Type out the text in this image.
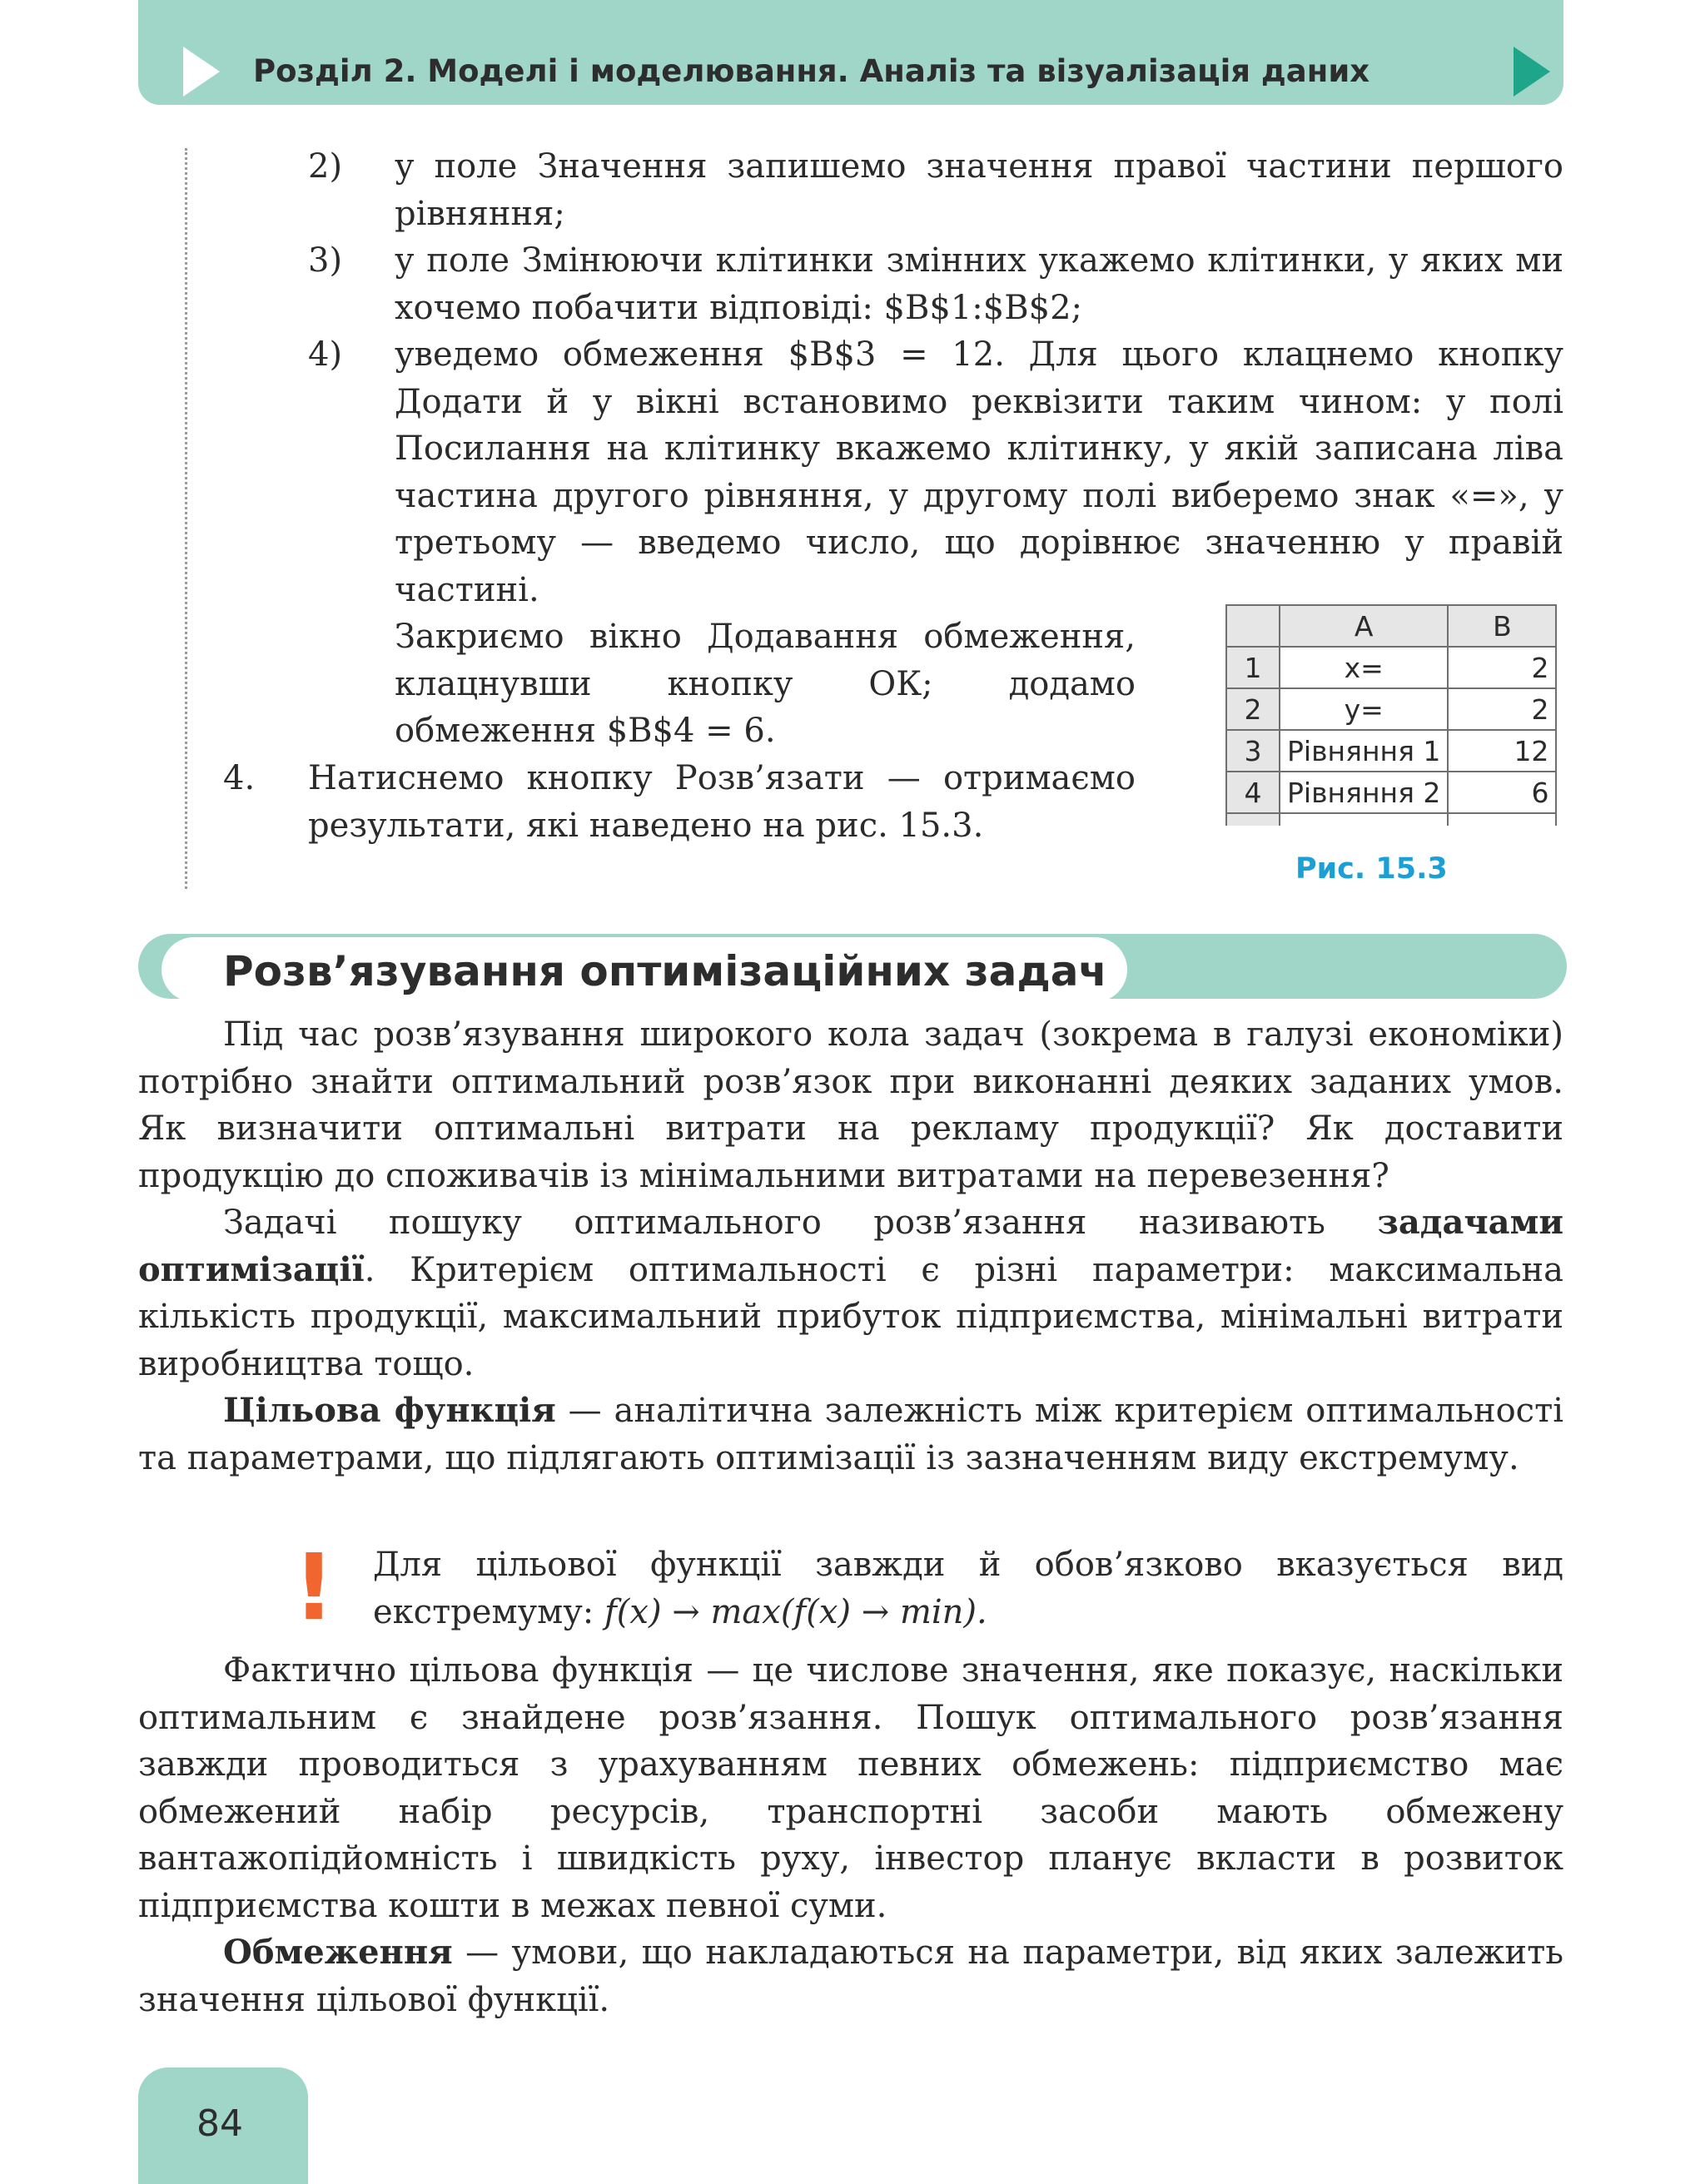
Розділ 2. Моделі і моделювання. Аналіз та візуалізація даних
2) у поле Значення запишемо значення правої частини першого рівняння;

3) у поле Змінюючи клітинки змінних укажемо клітинки, у яких ми хочемо побачити відповіді: $B$1:$B$2;

4) уведемо обмеження $B$3 = 12. Для цього клацнемо кнопку Додати й у вікні встановимо реквізити таким чином: у полі Посилання на клітинку вкажемо клітинку, у якій записана ліва частина другого рівняння, у другому полі виберемо знак «=», у третьому — введемо число, що дорівнює значенню у правій частині.

Закриємо вікно Додавання обмеження, клацнувши кнопку ОК; додамо обмеження $B$4 = 6.

4. Натиснемо кнопку Розв’язати — отримаємо результати, які наведено на рис. 15.3.

	A	B
1	x=	2
2	y=	2
3	Рівняння 1	12
4	Рівняння 2	6

Рис. 15.3
Розв’язування оптимізаційних задач

Під час розв’язування широкого кола задач (зокрема в галузі економіки) потрібно знайти оптимальний розв’язок при виконанні деяких заданих умов. Як визначити оптимальні витрати на рекламу продукції? Як доставити продукцію до споживачів із мінімальними витратами на перевезення?

Задачі пошуку оптимального розв’язання називають задачами оптимізації. Критерієм оптимальності є різні параметри: максимальна кількість продукції, максимальний прибуток підприємства, мінімальні витрати виробництва тощо.

Цільова функція — аналітична залежність між критерієм оптимальності та параметрами, що підлягають оптимізації із зазначенням виду екстремуму.

! Для цільової функції завжди й обов’язково вказується вид екстремуму: f(x) → max(f(x) → min).

Фактично цільова функція — це числове значення, яке показує, наскільки оптимальним є знайдене розв’язання. Пошук оптимального розв’язання завжди проводиться з урахуванням певних обмежень: підприємство має обмежений набір ресурсів, транспортні засоби мають обмежену вантажопідйомність і швидкість руху, інвестор планує вкласти в розвиток підприємства кошти в межах певної суми.

Обмеження — умови, що накладаються на параметри, від яких залежить значення цільової функції.

84
